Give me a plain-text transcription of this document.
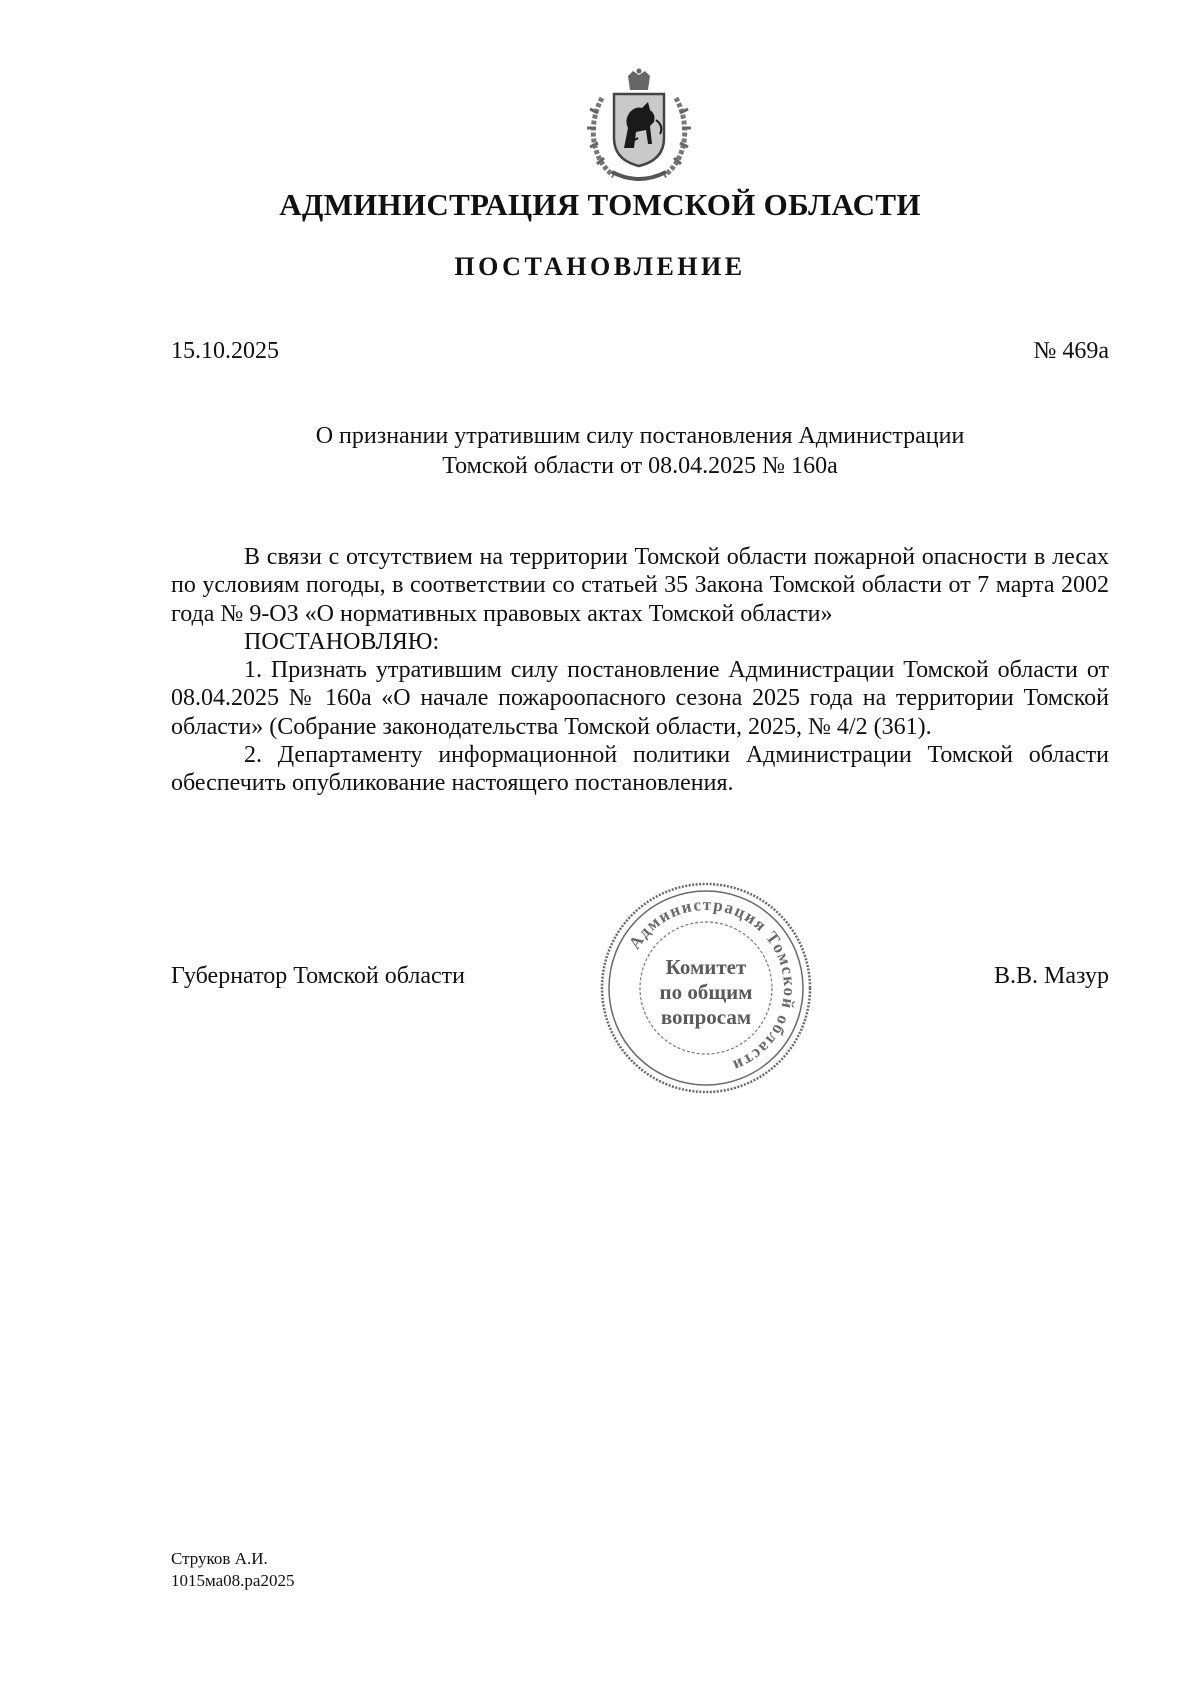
АДМИНИСТРАЦИЯ ТОМСКОЙ ОБЛАСТИ
ПОСТАНОВЛЕНИЕ
15.10.2025	№ 469а
О признании утратившим силу постановления Администрации
Томской области от 08.04.2025 № 160а

В связи с отсутствием на территории Томской области пожарной опасности в лесах по условиям погоды, в соответствии со статьей 35 Закона Томской области от 7 марта 2002 года № 9-ОЗ «О нормативных правовых актах Томской области»

ПОСТАНОВЛЯЮ:

1. Признать утратившим силу постановление Администрации Томской области от 08.04.2025 № 160а «О начале пожароопасного сезона 2025 года на территории Томской области» (Собрание законодательства Томской области, 2025, № 4/2 (361).

2. Департаменту информационной политики Администрации Томской области обеспечить опубликование настоящего постановления.

Губернатор Томской области	В.В. Мазур
Администрация Томской области
Комитет
по общим
вопросам
Струков А.И.
1015ма08.ра2025
